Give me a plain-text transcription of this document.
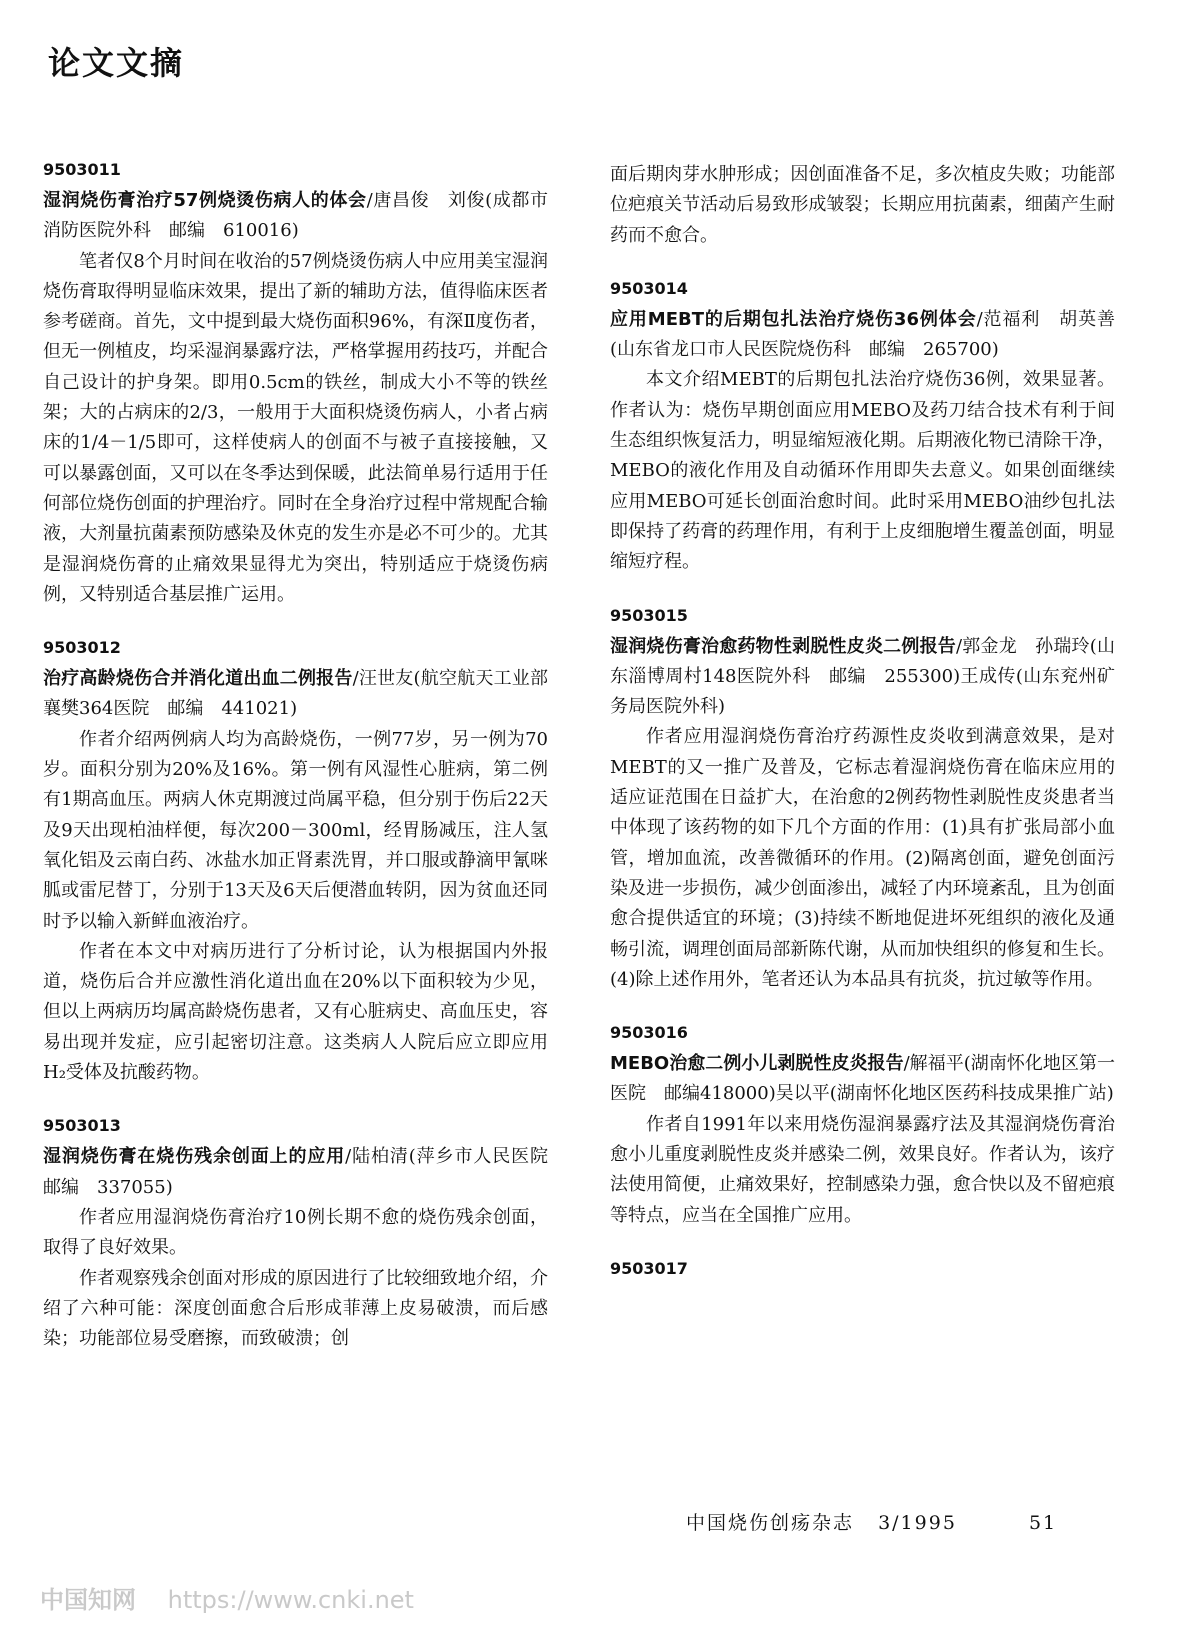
论文文摘
9503011

湿润烧伤膏治疗57例烧烫伤病人的体会/唐昌俊　刘俊(成都市消防医院外科　邮编　610016)

笔者仅8个月时间在收治的57例烧烫伤病人中应用美宝湿润烧伤膏取得明显临床效果，提出了新的辅助方法，值得临床医者参考磋商。首先，文中提到最大烧伤面积96%，有深Ⅱ度伤者，但无一例植皮，均采湿润暴露疗法，严格掌握用药技巧，并配合自己设计的护身架。即用0.5cm的铁丝，制成大小不等的铁丝架；大的占病床的2/3，一般用于大面积烧烫伤病人，小者占病床的1/4－1/5即可，这样使病人的创面不与被子直接接触，又可以暴露创面，又可以在冬季达到保暖，此法简单易行适用于任何部位烧伤创面的护理治疗。同时在全身治疗过程中常规配合输液，大剂量抗菌素预防感染及休克的发生亦是必不可少的。尤其是湿润烧伤膏的止痛效果显得尤为突出，特别适应于烧烫伤病例，又特别适合基层推广运用。

9503012

治疗高龄烧伤合并消化道出血二例报告/汪世友(航空航天工业部襄樊364医院　邮编　441021)

作者介绍两例病人均为高龄烧伤，一例77岁，另一例为70岁。面积分别为20%及16%。第一例有风湿性心脏病，第二例有1期高血压。两病人休克期渡过尚属平稳，但分别于伤后22天及9天出现柏油样便，每次200－300ml，经胃肠减压，注人氢氧化铝及云南白药、冰盐水加正肾素洗胃，并口服或静滴甲氰咪胍或雷尼替丁，分别于13天及6天后便潜血转阴，因为贫血还同时予以输入新鲜血液治疗。

作者在本文中对病历进行了分析讨论，认为根据国内外报道，烧伤后合并应激性消化道出血在20%以下面积较为少见，但以上两病历均属高龄烧伤患者，又有心脏病史、高血压史，容易出现并发症，应引起密切注意。这类病人人院后应立即应用H₂受体及抗酸药物。

9503013

湿润烧伤膏在烧伤残余创面上的应用/陆柏清(萍乡市人民医院　邮编　337055)

作者应用湿润烧伤膏治疗10例长期不愈的烧伤残余创面，取得了良好效果。

作者观察残余创面对形成的原因进行了比较细致地介绍，介绍了六种可能：深度创面愈合后形成菲薄上皮易破溃，而后感染；功能部位易受磨擦，而致破溃；创

面后期肉芽水肿形成；因创面准备不足，多次植皮失败；功能部位疤痕关节活动后易致形成皱裂；长期应用抗菌素，细菌产生耐药而不愈合。

9503014

应用MEBT的后期包扎法治疗烧伤36例体会/范福利　胡英善(山东省龙口市人民医院烧伤科　邮编　265700)

本文介绍MEBT的后期包扎法治疗烧伤36例，效果显著。作者认为：烧伤早期创面应用MEBO及药刀结合技术有利于间生态组织恢复活力，明显缩短液化期。后期液化物已清除干净，MEBO的液化作用及自动循环作用即失去意义。如果创面继续应用MEBO可延长创面治愈时间。此时采用MEBO油纱包扎法即保持了药膏的药理作用，有利于上皮细胞增生覆盖创面，明显缩短疗程。

9503015

湿润烧伤膏治愈药物性剥脱性皮炎二例报告/郭金龙　孙瑞玲(山东淄博周村148医院外科　邮编　255300)王成传(山东兖州矿务局医院外科)

作者应用湿润烧伤膏治疗药源性皮炎收到满意效果，是对MEBT的又一推广及普及，它标志着湿润烧伤膏在临床应用的适应证范围在日益扩大，在治愈的2例药物性剥脱性皮炎患者当中体现了该药物的如下几个方面的作用：(1)具有扩张局部小血管，增加血流，改善微循环的作用。(2)隔离创面，避免创面污染及进一步损伤，减少创面渗出，减轻了内环境紊乱，且为创面愈合提供适宜的环境；(3)持续不断地促进坏死组织的液化及通畅引流，调理创面局部新陈代谢，从而加快组织的修复和生长。(4)除上述作用外，笔者还认为本品具有抗炎，抗过敏等作用。

9503016

MEBO治愈二例小儿剥脱性皮炎报告/解福平(湖南怀化地区第一医院　邮编418000)吴以平(湖南怀化地区医药科技成果推广站)

作者自1991年以来用烧伤湿润暴露疗法及其湿润烧伤膏治愈小儿重度剥脱性皮炎并感染二例，效果良好。作者认为，该疗法使用简便，止痛效果好，控制感染力强，愈合快以及不留疤痕等特点，应当在全国推广应用。

9503017
中国烧伤创疡杂志 3/1995	51
中国知网 https://www.cnki.net
